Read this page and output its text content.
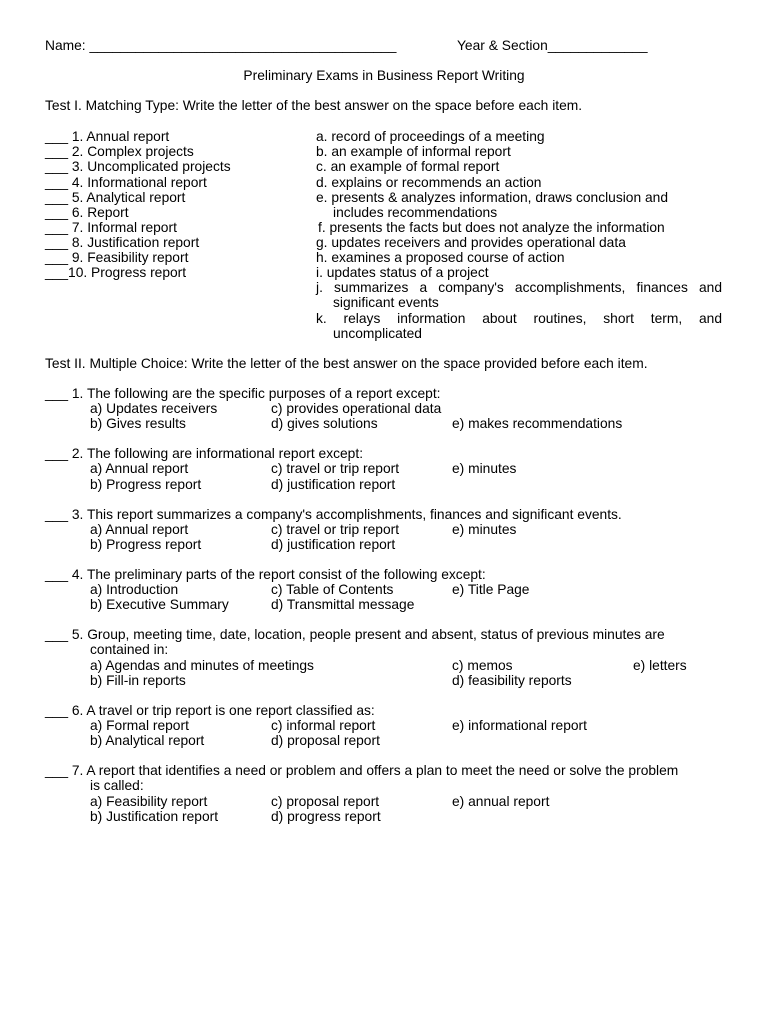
Name: ________________________________________	Year & Section_____________
Preliminary Exams in Business Report Writing
Test I. Matching Type: Write the letter of the best answer on the space before each item.
___ 1. Annual report
___ 2. Complex projects
___ 3. Uncomplicated projects
___ 4. Informational report
___ 5. Analytical report
___ 6. Report
___ 7. Informal report
___ 8. Justification report
___ 9. Feasibility report
___10. Progress report
a. record of proceedings of a meeting
b. an example of informal report
c. an example of formal report
d. explains or recommends an action
e. presents & analyzes information, draws conclusion and
includes recommendations
f. presents the facts but does not analyze the information
g. updates receivers and provides operational data
h. examines a proposed course of action
i. updates status of a project
j. summarizes a company's accomplishments, finances and
significant events
k. relays information about routines, short term, and
uncomplicated
Test II. Multiple Choice: Write the letter of the best answer on the space provided before each item.
___ 1. The following are the specific purposes of a report except:
a) Updates receivers	c) provides operational data
b) Gives results	d) gives solutions	e) makes recommendations
___ 2. The following are informational report except:
a) Annual report	c) travel or trip report	e) minutes
b) Progress report	d) justification report
___ 3. This report summarizes a company's accomplishments, finances and significant events.
a) Annual report	c) travel or trip report	e) minutes
b) Progress report	d) justification report
___ 4. The preliminary parts of the report consist of the following except:
a) Introduction	c) Table of Contents	e) Title Page
b) Executive Summary	d) Transmittal message
___ 5. Group, meeting time, date, location, people present and absent, status of previous minutes are
contained in:
a) Agendas and minutes of meetings	c) memos	e) letters
b) Fill-in reports	d) feasibility reports
___ 6. A travel or trip report is one report classified as:
a) Formal report	c) informal report	e) informational report
b) Analytical report	d) proposal report
___ 7. A report that identifies a need or problem and offers a plan to meet the need or solve the problem
is called:
a) Feasibility report	c) proposal report	e) annual report
b) Justification report	d) progress report
